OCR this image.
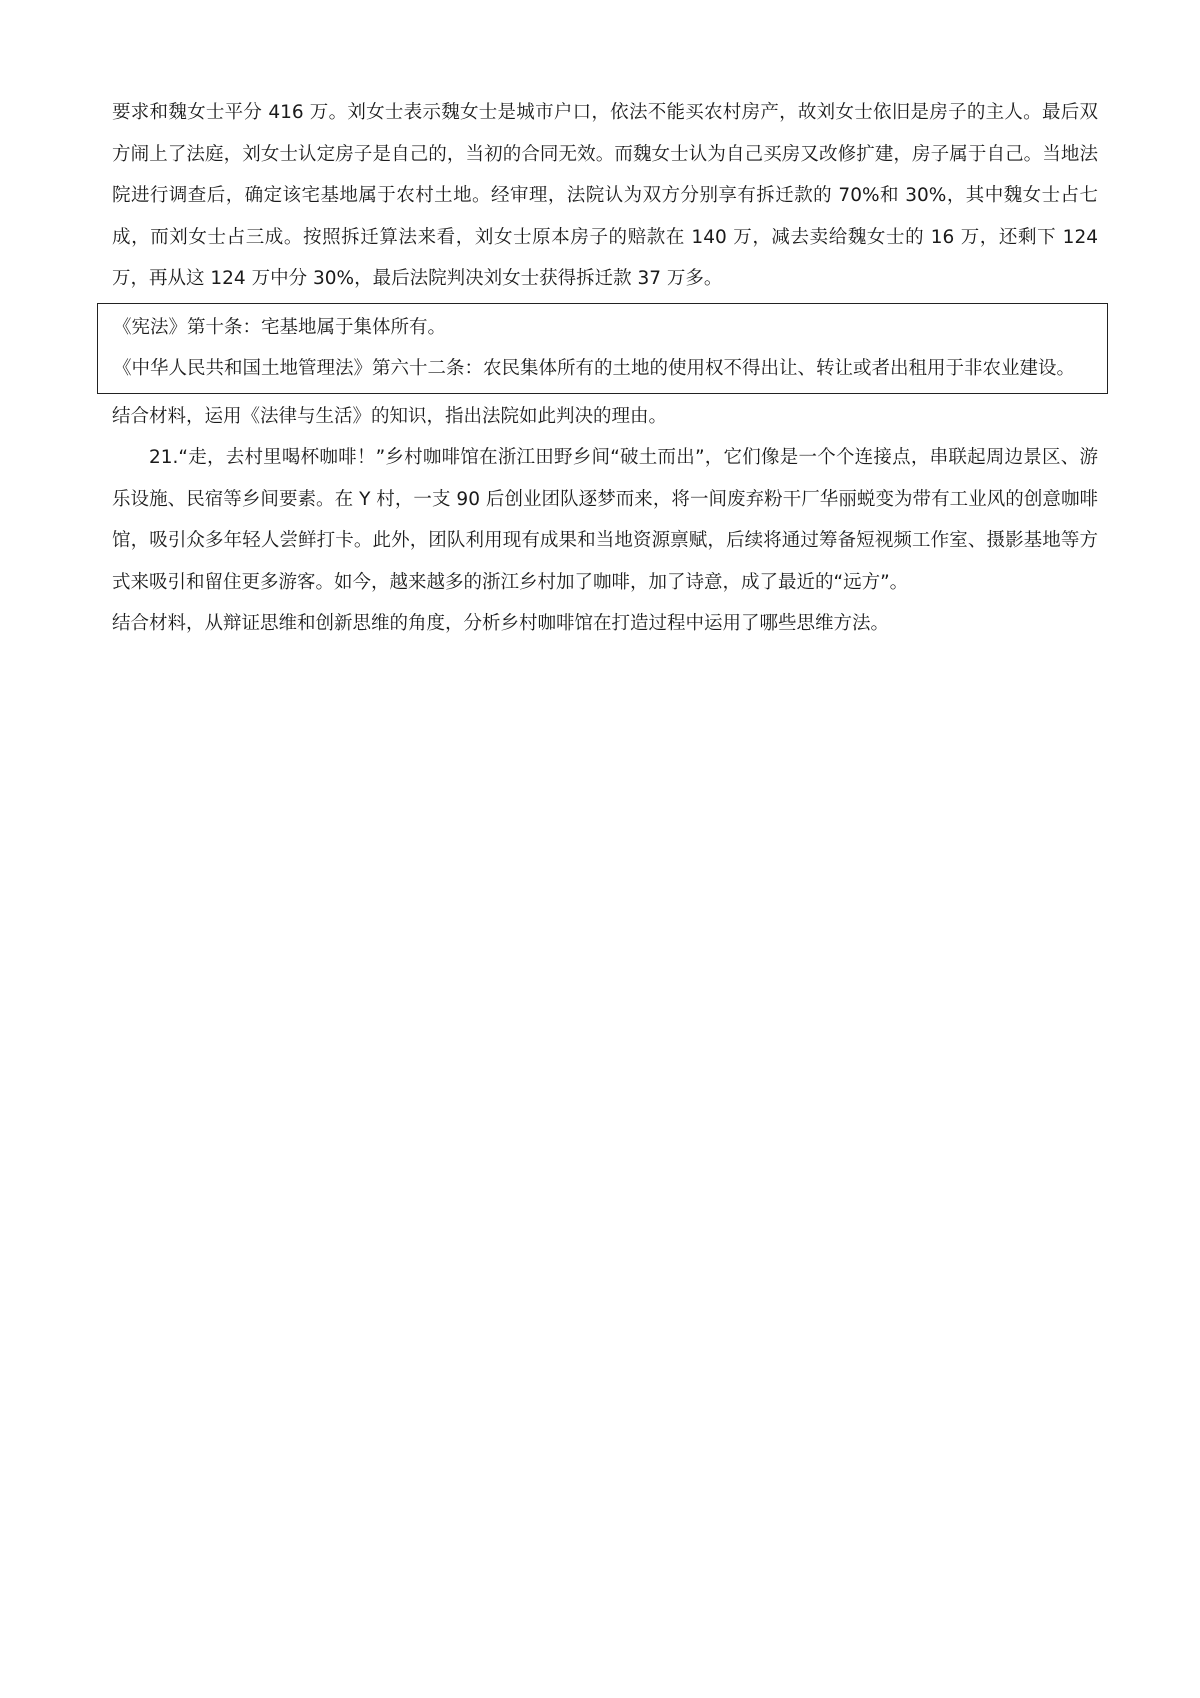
要求和魏女士平分 416 万。刘女士表示魏女士是城市户口，依法不能买农村房产，故刘女士依旧是房子的主人。最后双方闹上了法庭，刘女士认定房子是自己的，当初的合同无效。而魏女士认为自己买房又改修扩建，房子属于自己。当地法院进行调查后，确定该宅基地属于农村土地。经审理，法院认为双方分别享有拆迁款的 70%和 30%，其中魏女士占七成，而刘女士占三成。按照拆迁算法来看，刘女士原本房子的赔款在 140 万，减去卖给魏女士的 16 万，还剩下 124 万，再从这 124 万中分 30%，最后法院判决刘女士获得拆迁款 37 万多。

《宪法》第十条：宅基地属于集体所有。

《中华人民共和国土地管理法》第六十二条：农民集体所有的土地的使用权不得出让、转让或者出租用于非农业建设。

结合材料，运用《法律与生活》的知识，指出法院如此判决的理由。

21.“走，去村里喝杯咖啡！”乡村咖啡馆在浙江田野乡间“破土而出”，它们像是一个个连接点，串联起周边景区、游乐设施、民宿等乡间要素。在 Y 村，一支 90 后创业团队逐梦而来，将一间废弃粉干厂华丽蜕变为带有工业风的创意咖啡馆，吸引众多年轻人尝鲜打卡。此外，团队利用现有成果和当地资源禀赋，后续将通过筹备短视频工作室、摄影基地等方式来吸引和留住更多游客。如今，越来越多的浙江乡村加了咖啡，加了诗意，成了最近的“远方”。

结合材料，从辩证思维和创新思维的角度，分析乡村咖啡馆在打造过程中运用了哪些思维方法。
